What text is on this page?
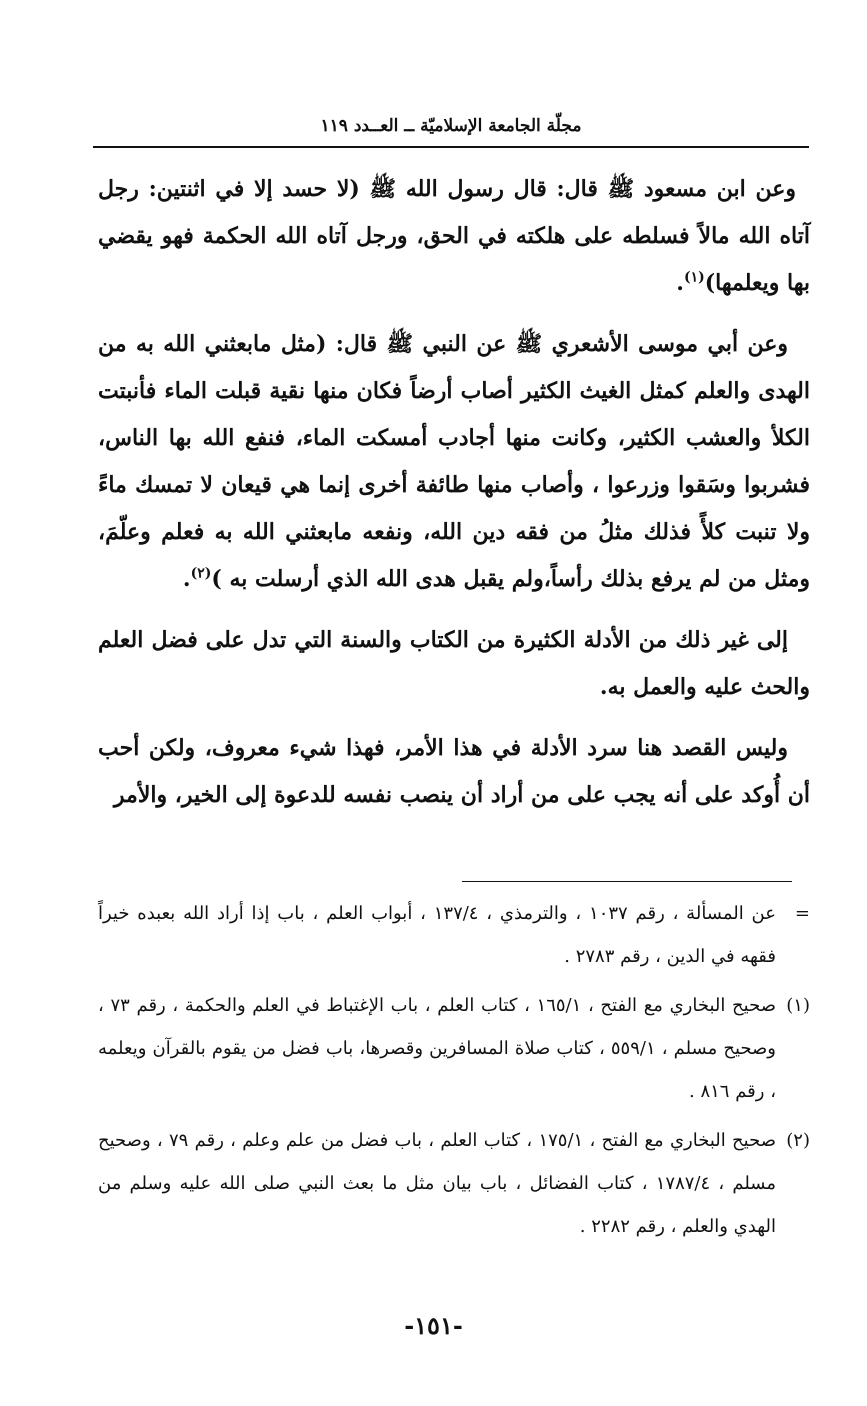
مجلّة الجامعة الإسلاميّة ــ العــدد ١١٩

وعن ابن مسعود ﷺ قال: قال رسول الله ﷺ (لا حسد إلا في اثنتين: رجل آتاه الله مالاً فسلطه على هلكته في الحق، ورجل آتاه الله الحكمة فهو يقضي بها ويعلمها)$^{(١)}$.

وعن أبي موسى الأشعري ﷺ عن النبي ﷺ قال: (مثل مابعثني الله به من الهدى والعلم كمثل الغيث الكثير أصاب أرضاً فكان منها نقية قبلت الماء فأنبتت الكلأ والعشب الكثير، وكانت منها أجادب أمسكت الماء، فنفع الله بها الناس، فشربوا وسَقوا وزرعوا ، وأصاب منها طائفة أخرى إنما هي قيعان لا تمسك ماءً ولا تنبت كلأً فذلك مثلُ من فقه دين الله، ونفعه مابعثني الله به فعلم وعلّمَ، ومثل من لم يرفع بذلك رأساً،ولم يقبل هدى الله الذي أرسلت به )$^{(٢)}$.

إلى غير ذلك من الأدلة الكثيرة من الكتاب والسنة التي تدل على فضل العلم والحث عليه والعمل به.

وليس القصد هنا سرد الأدلة في هذا الأمر، فهذا شيء معروف، ولكن أحب أن أُوكد على أنه يجب على من أراد أن ينصب نفسه للدعوة إلى الخير، والأمر

=
عن المسألة ، رقم ١٠٣٧ ، والترمذي ، ١٣٧/٤ ، أبواب العلم ، باب إذا أراد الله بعبده خيراً فقهه في الدين ، رقم ٢٧٨٣ .

(١)
صحيح البخاري مع الفتح ، ١٦٥/١ ، كتاب العلم ، باب الإغتباط في العلم والحكمة ، رقم ٧٣ ، وصحيح مسلم ، ٥٥٩/١ ، كتاب صلاة المسافرين وقصرها، باب فضل من يقوم بالقرآن ويعلمه ، رقم ٨١٦ .

(٢)
صحيح البخاري مع الفتح ، ١٧٥/١ ، كتاب العلم ، باب فضل من علم وعلم ، رقم ٧٩ ، وصحيح مسلم ، ١٧٨٧/٤ ، كتاب الفضائل ، باب بيان مثل ما بعث النبي صلى الله عليه وسلم من الهدي والعلم ، رقم ٢٢٨٢ .

-١٥١-
